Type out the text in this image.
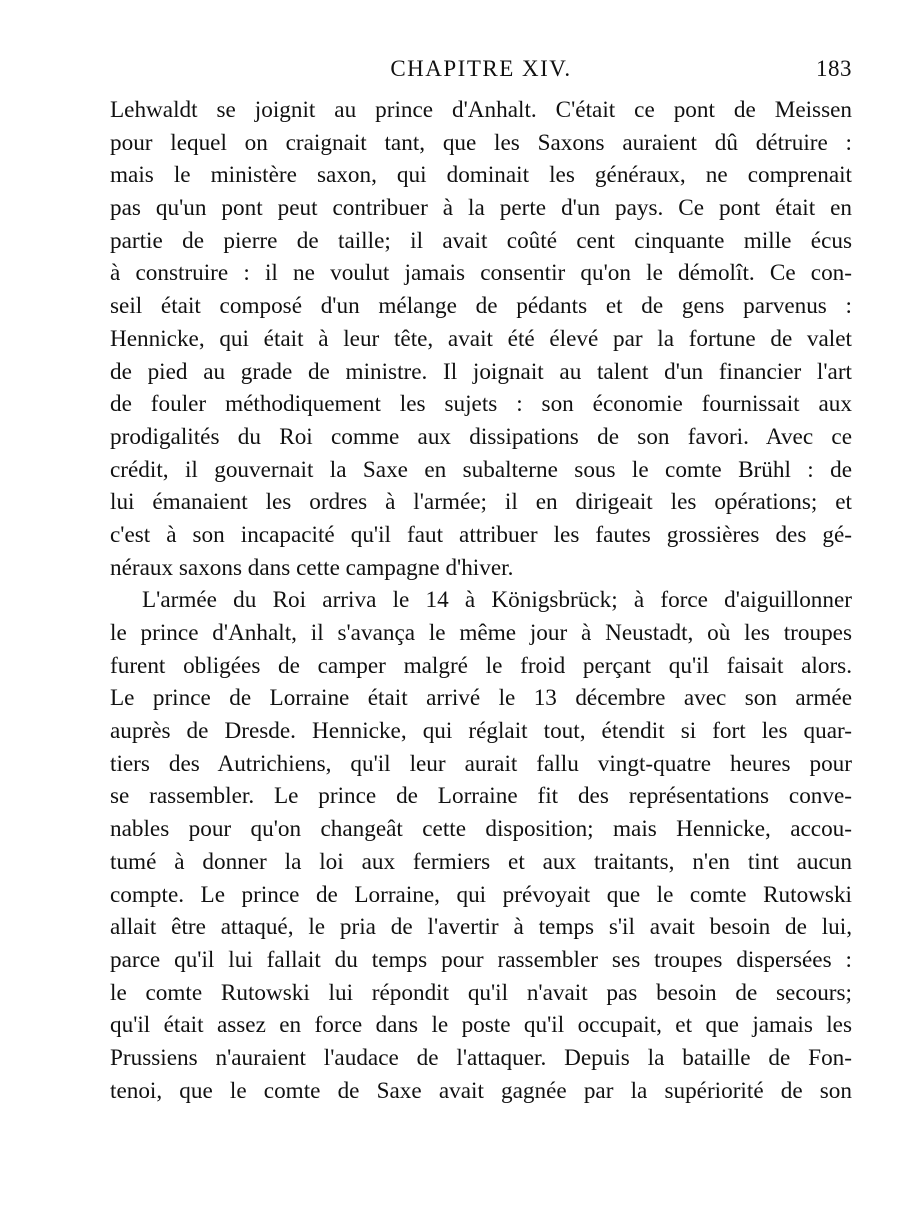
CHAPITRE XIV.	183
Lehwaldt se joignit au prince d'Anhalt. C'était ce pont de Meissen
pour lequel on craignait tant, que les Saxons auraient dû détruire :
mais le ministère saxon, qui dominait les généraux, ne comprenait
pas qu'un pont peut contribuer à la perte d'un pays. Ce pont était en
partie de pierre de taille; il avait coûté cent cinquante mille écus
à construire : il ne voulut jamais consentir qu'on le démolît. Ce con-
seil était composé d'un mélange de pédants et de gens parvenus :
Hennicke, qui était à leur tête, avait été élevé par la fortune de valet
de pied au grade de ministre. Il joignait au talent d'un financier l'art
de fouler méthodiquement les sujets : son économie fournissait aux
prodigalités du Roi comme aux dissipations de son favori. Avec ce
crédit, il gouvernait la Saxe en subalterne sous le comte Brühl : de
lui émanaient les ordres à l'armée; il en dirigeait les opérations; et
c'est à son incapacité qu'il faut attribuer les fautes grossières des gé-
néraux saxons dans cette campagne d'hiver.
L'armée du Roi arriva le 14 à Königsbrück; à force d'aiguillonner
le prince d'Anhalt, il s'avança le même jour à Neustadt, où les troupes
furent obligées de camper malgré le froid perçant qu'il faisait alors.
Le prince de Lorraine était arrivé le 13 décembre avec son armée
auprès de Dresde. Hennicke, qui réglait tout, étendit si fort les quar-
tiers des Autrichiens, qu'il leur aurait fallu vingt-quatre heures pour
se rassembler. Le prince de Lorraine fit des représentations conve-
nables pour qu'on changeât cette disposition; mais Hennicke, accou-
tumé à donner la loi aux fermiers et aux traitants, n'en tint aucun
compte. Le prince de Lorraine, qui prévoyait que le comte Rutowski
allait être attaqué, le pria de l'avertir à temps s'il avait besoin de lui,
parce qu'il lui fallait du temps pour rassembler ses troupes dispersées :
le comte Rutowski lui répondit qu'il n'avait pas besoin de secours;
qu'il était assez en force dans le poste qu'il occupait, et que jamais les
Prussiens n'auraient l'audace de l'attaquer. Depuis la bataille de Fon-
tenoi, que le comte de Saxe avait gagnée par la supériorité de son
